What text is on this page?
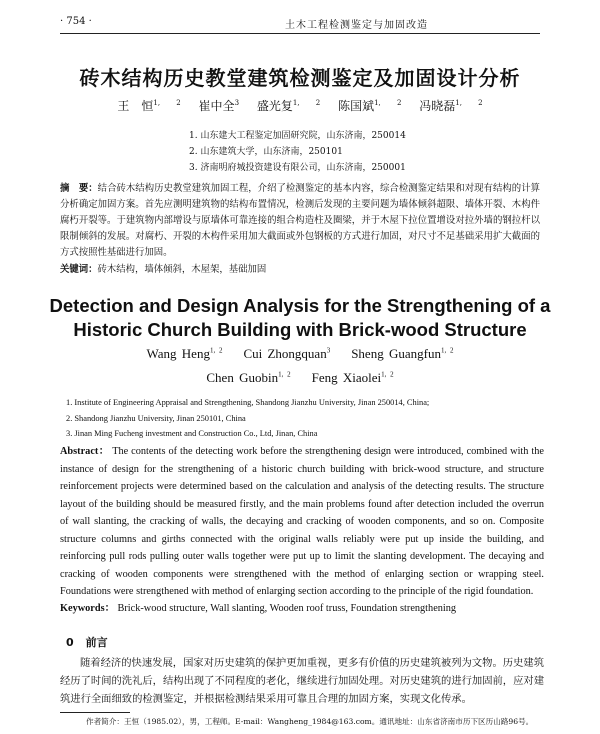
· 754 ·	土木工程检测鉴定与加固改造
砖木结构历史教堂建筑检测鉴定及加固设计分析
王　恒$^{1, 2}$ 崔中全$^3$ 盛光复$^{1, 2}$ 陈国斌$^{1, 2}$ 冯晓磊$^{1, 2}$
1. 山东建大工程鉴定加固研究院，山东济南，250014
2. 山东建筑大学，山东济南，250101
3. 济南明府城投资建设有限公司，山东济南，250001
摘　要：结合砖木结构历史教堂建筑加固工程，介绍了检测鉴定的基本内容，综合检测鉴定结果和对现有结构的计算分析确定加固方案。首先应测明建筑物的结构布置情况，检测后发现的主要问题为墙体倾斜超限、墙体开裂、木构件腐朽开裂等。于建筑物内部增设与原墙体可靠连接的组合构造柱及圈梁，并于木屋下拉位置增设对拉外墙的钢拉杆以限制倾斜的发展。对腐朽、开裂的木构件采用加大截面或外包钢板的方式进行加固，对尺寸不足基础采用扩大截面的方式按照性基础进行加固。
关键词：砖木结构，墙体倾斜，木屋架，基础加固
Detection and Design Analysis for the Strengthening of a
Historic Church Building with Brick-wood Structure
Wang Heng$^{1, 2}$ Cui Zhongquan$^3$ Sheng Guangfun$^{1, 2}$
Chen Guobin$^{1, 2}$ Feng Xiaolei$^{1, 2}$
1. Institute of Engineering Appraisal and Strengthening, Shandong Jianzhu University, Jinan 250014, China;
2. Shandong Jianzhu University, Jinan 250101, China
3. Jinan Ming Fucheng investment and Construction Co., Ltd, Jinan, China
Abstract： The contents of the detecting work before the strengthening design were introduced, combined with the instance of design for the strengthening of a historic church building with brick-wood structure, and structure reinforcement projects were determined based on the calculation and analysis of the detecting results. The structure layout of the building should be measured firstly, and the main problems found after detection included the overrun of wall slanting, the cracking of walls, the decaying and cracking of wooden components, and so on. Composite structure columns and girths connected with the original walls reliably were put up inside the building, and reinforcing pull rods pulling outer walls together were put up to limit the slanting development. The decaying and cracking of wooden components were strengthened with the method of enlarging section or wrapping steel. Foundations were strengthened with method of enlarging section according to the principle of the rigid foundation.
Keywords： Brick-wood structure, Wall slanting, Wooden roof truss, Foundation strengthening
0 前言
随着经济的快速发展，国家对历史建筑的保护更加重视，更多有价值的历史建筑被列为文物。历史建筑经历了时间的洗礼后，结构出现了不同程度的老化，继续进行加固处理。对历史建筑的进行加固前，应对建筑进行全面细致的检测鉴定，并根据检测结果采用可靠且合理的加固方案，实现文化传承。
作者简介：王恒（1985.02），男，工程师。E-mail：Wangheng_1984@163.com。通讯地址：山东省济南市历下区历山路96号。
